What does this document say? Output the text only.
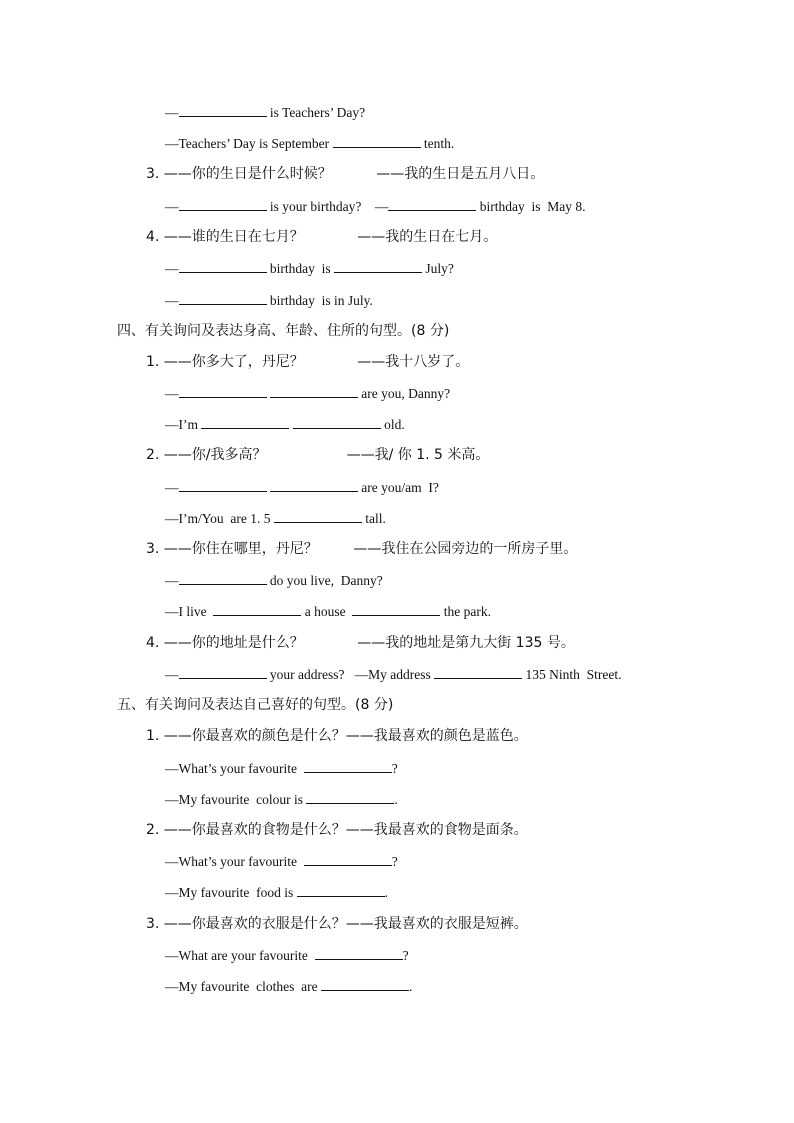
—	is Teachers’ Day?
—Teachers’ Day is September	tenth.
3. ——你的生日是什么时候？          ——我的生日是五月八日。
—	is your birthday?    —	birthday  is  May 8.
4. ——谁的生日在七月？            ——我的生日在七月。
—	birthday  is	July?
—	birthday  is in July.
四、有关询问及表达身高、年龄、住所的句型。(8 分)
1. ——你多大了，丹尼？            ——我十八岁了。
—	are you, Danny?
—I’m	old.
2. ——你/我多高？                  ——我/ 你 1. 5 米高。
—	are you/am  I?
—I’m/You  are 1. 5	tall.
3. ——你住在哪里，丹尼？        ——我住在公园旁边的一所房子里。
—	do you live,  Danny?
—I live	a house	the park.
4. ——你的地址是什么？            ——我的地址是第九大街 135 号。
—	your address?   —My address	135 Ninth  Street.
五、有关询问及表达自己喜好的句型。(8 分)
1. ——你最喜欢的颜色是什么？——我最喜欢的颜色是蓝色。
—What’s your favourite	?
—My favourite  colour is	.
2. ——你最喜欢的食物是什么？——我最喜欢的食物是面条。
—What’s your favourite	?
—My favourite  food is	.
3. ——你最喜欢的衣服是什么？——我最喜欢的衣服是短裤。
—What are your favourite	?
—My favourite  clothes  are	.
